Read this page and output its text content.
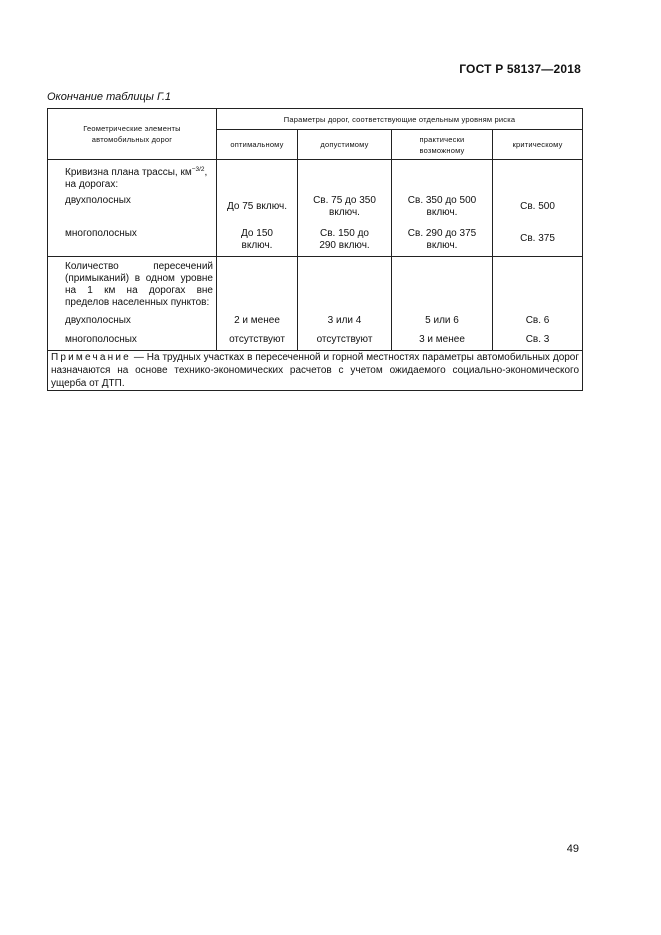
ГОСТ Р 58137—2018
Окончание таблицы Г.1
Геометрические элементы автомобильных дорог	Параметры дорог, соответствующие отдельным уровням риска			
	оптимальному	допустимому	практически возможному	критическому
Кривизна плана трассы, $км^{-3/2}$, на дорогах:				
двухполосных	До 75 включ.	Св. 75 до 350 включ.	Св. 350 до 500 включ.	Св. 500
многополосных	До 150 включ.	Св. 150 до 290 включ.	Св. 290 до 375 включ.	Св. 375
Количество пересечений (примыканий) в одном уровне на 1 км на дорогах вне пределов населенных пунктов:				
двухполосных	2 и менее	3 или 4	5 или 6	Св. 6
многополосных	отсутствуют	отсутствуют	3 и менее	Св. 3
Примечание — На трудных участках в пересеченной и горной местностях параметры автомобильных дорог назначаются на основе технико-экономических расчетов с учетом ожидаемого социально-экономического ущерба от ДТП.				
49
